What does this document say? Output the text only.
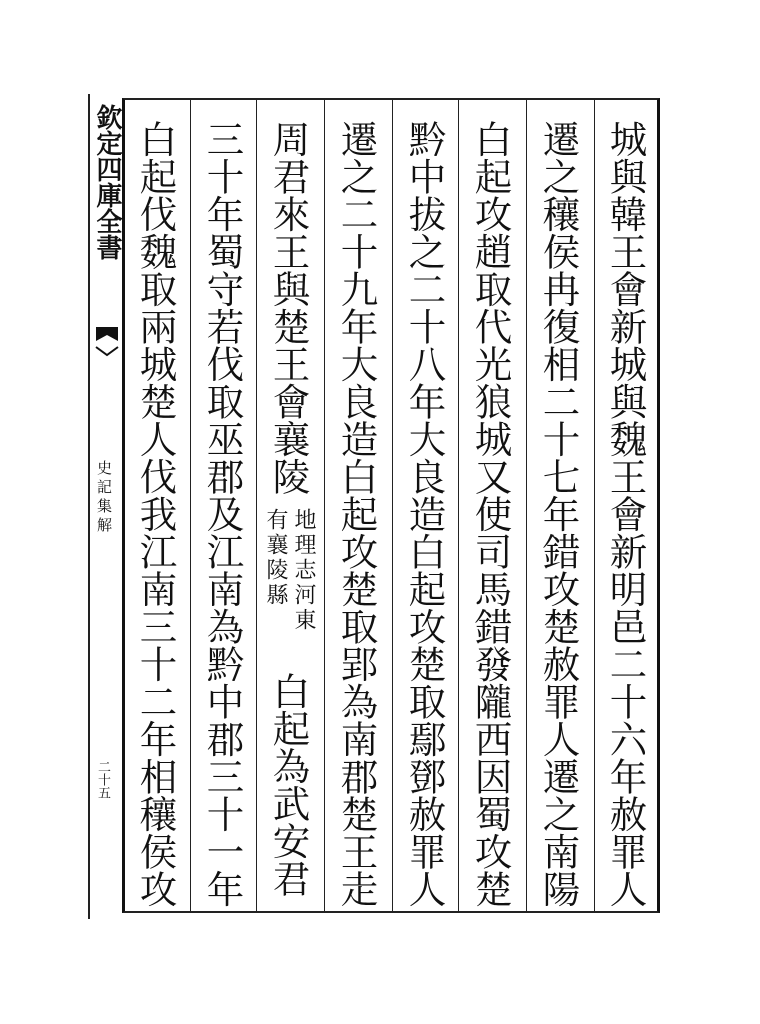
欽定四庫全書
史記集解
二十五	城與韓王會新城與魏王會新明邑二十六年赦罪人
遷之穰侯冉復相二十七年錯攻楚赦罪人遷之南陽
白起攻趙取代光狼城又使司馬錯發隴西因蜀攻楚
黔中拔之二十八年大良造白起攻楚取鄢鄧赦罪人
遷之二十九年大良造白起攻楚取郢為南郡楚王走
周君來王與楚王會襄陵
地理志河東
有襄陵縣
白起為武安君
三十年蜀守若伐取巫郡及江南為黔中郡三十一年
白起伐魏取兩城楚人伐我江南三十二年相穰侯攻
